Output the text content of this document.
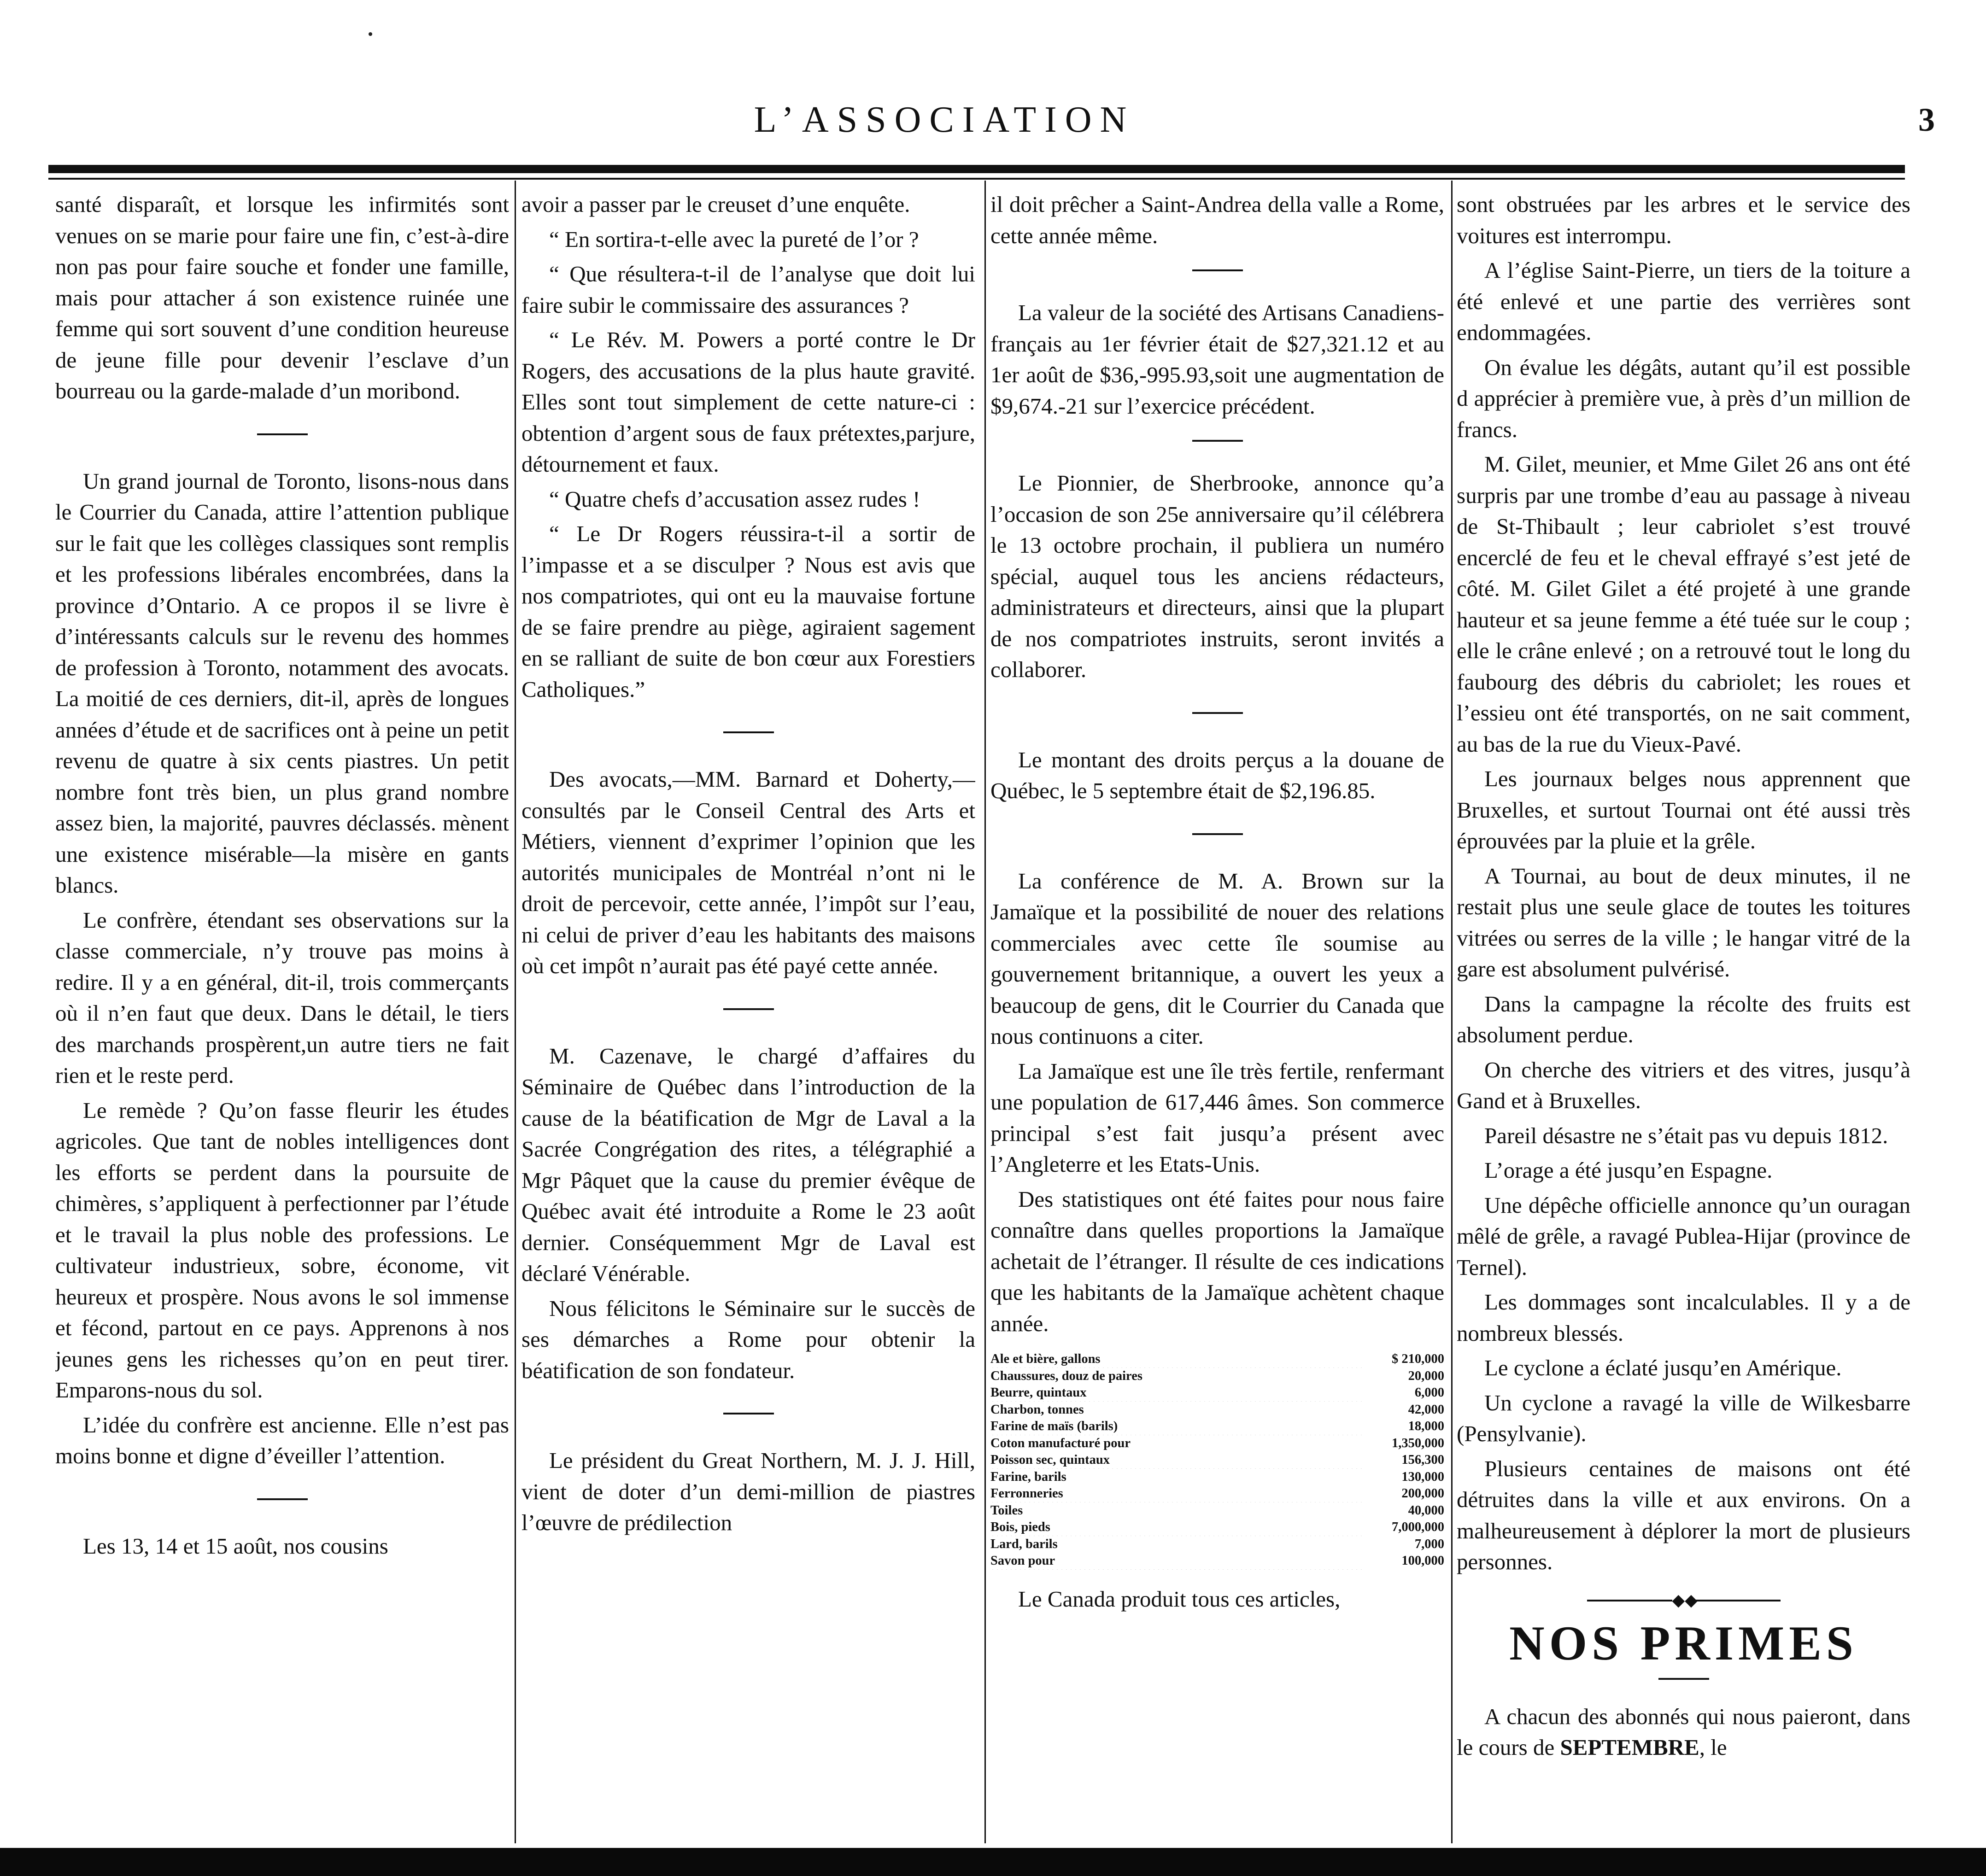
L’ASSOCIATION	3

santé disparaît, et lorsque les infirmités sont venues on se marie pour faire une fin, c’est-à-dire non pas pour faire souche et fonder une famille, mais pour attacher á son existence ruinée une femme qui sort souvent d’une condition heureuse de jeune fille pour devenir l’esclave d’un bourreau ou la garde-malade d’un moribond.

Un grand journal de Toronto, lisons-nous dans le Courrier du Canada, attire l’attention publique sur le fait que les collèges classiques sont remplis et les professions libérales encombrées, dans la province d’Ontario. A ce propos il se livre è d’intéressants calculs sur le revenu des hommes de profession à Toronto, notamment des avocats. La moitié de ces derniers, dit-il, après de longues années d’étude et de sacrifices ont à peine un petit revenu de quatre à six cents piastres. Un petit nombre font très bien, un plus grand nombre assez bien, la majorité, pauvres déclassés. mènent une existence misérable—la misère en gants blancs.

Le confrère, étendant ses observations sur la classe commerciale, n’y trouve pas moins à redire. Il y a en général, dit-il, trois commerçants où il n’en faut que deux. Dans le détail, le tiers des marchands prospèrent,un autre tiers ne fait rien et le reste perd.

Le remède ? Qu’on fasse fleurir les études agricoles. Que tant de nobles intelligences dont les efforts se perdent dans la poursuite de chimères, s’appliquent à perfectionner par l’étude et le travail la plus noble des professions. Le cultivateur industrieux, sobre, économe, vit heureux et prospère. Nous avons le sol immense et fécond, partout en ce pays. Apprenons à nos jeunes gens les richesses qu’on en peut tirer. Emparons-nous du sol.

L’idée du confrère est ancienne. Elle n’est pas moins bonne et digne d’éveiller l’attention.

Les 13, 14 et 15 août, nos cousins

avoir a passer par le creuset d’une enquête.

“ En sortira-t-elle avec la pureté de l’or ?

“ Que résultera-t-il de l’analyse que doit lui faire subir le commissaire des assurances ?

“ Le Rév. M. Powers a porté contre le Dr Rogers, des accusations de la plus haute gravité. Elles sont tout simplement de cette nature-ci : obtention d’argent sous de faux prétextes,parjure, détournement et faux.

“ Quatre chefs d’accusation assez rudes !

“ Le Dr Rogers réussira-t-il a sortir de l’impasse et a se disculper ? Nous est avis que nos compatriotes, qui ont eu la mauvaise fortune de se faire prendre au piège, agiraient sagement en se ralliant de suite de bon cœur aux Forestiers Catholiques.”

Des avocats,—MM. Barnard et Doherty,—consultés par le Conseil Central des Arts et Métiers, viennent d’exprimer l’opinion que les autorités municipales de Montréal n’ont ni le droit de percevoir, cette année, l’impôt sur l’eau, ni celui de priver d’eau les habitants des maisons où cet impôt n’aurait pas été payé cette année.

M. Cazenave, le chargé d’affaires du Séminaire de Québec dans l’introduction de la cause de la béatification de Mgr de Laval a la Sacrée Congrégation des rites, a télégraphié a Mgr Pâquet que la cause du premier évêque de Québec avait été introduite a Rome le 23 août dernier. Conséquemment Mgr de Laval est déclaré Vénérable.

Nous félicitons le Séminaire sur le succès de ses démarches a Rome pour obtenir la béatification de son fondateur.

Le président du Great Northern, M. J. J. Hill, vient de doter d’un demi-million de piastres l’œuvre de prédilection

il doit prêcher a Saint-Andrea della valle a Rome, cette année même.

La valeur de la société des Artisans Canadiens-français au 1er février était de $27,321.12 et au 1er août de $36,-995.93,soit une augmentation de $9,674.-21 sur l’exercice précédent.

Le Pionnier, de Sherbrooke, annonce qu’a l’occasion de son 25e anniversaire qu’il célébrera le 13 octobre prochain, il publiera un numéro spécial, auquel tous les anciens rédacteurs, administrateurs et directeurs, ainsi que la plupart de nos compatriotes instruits, seront invités a collaborer.

Le montant des droits perçus a la douane de Québec, le 5 septembre était de $2,196.85.

La conférence de M. A. Brown sur la Jamaïque et la possibilité de nouer des relations commerciales avec cette île soumise au gouvernement britannique, a ouvert les yeux a beaucoup de gens, dit le Courrier du Canada que nous continuons a citer.

La Jamaïque est une île très fertile, renfermant une population de 617,446 âmes. Son commerce principal s’est fait jusqu’a présent avec l’Angleterre et les Etats-Unis.

Des statistiques ont été faites pour nous faire connaître dans quelles proportions la Jamaïque achetait de l’étranger. Il résulte de ces indications que les habitants de la Jamaïque achètent chaque année.

Ale et bière, gallons	$ 210,000
Chaussures, douz de paires	20,000
Beurre, quintaux	6,000
Charbon, tonnes	42,000
Farine de maïs (barils)	18,000
Coton manufacturé pour	1,350,000
Poisson sec, quintaux	156,300
Farine, barils	130,000
Ferronneries	200,000
Toiles	40,000
Bois, pieds	7,000,000
Lard, barils	7,000
Savon pour	100,000

Le Canada produit tous ces articles,

sont obstruées par les arbres et le service des voitures est interrompu.

A l’église Saint-Pierre, un tiers de la toiture a été enlevé et une partie des verrières sont endommagées.

On évalue les dégâts, autant qu’il est possible d apprécier à première vue, à près d’un million de francs.

M. Gilet, meunier, et Mme Gilet 26 ans ont été surpris par une trombe d’eau au passage à niveau de St-Thibault ; leur cabriolet s’est trouvé encerclé de feu et le cheval effrayé s’est jeté de côté. M. Gilet Gilet a été projeté à une grande hauteur et sa jeune femme a été tuée sur le coup ; elle le crâne enlevé ; on a retrouvé tout le long du faubourg des débris du cabriolet; les roues et l’essieu ont été transportés, on ne sait comment, au bas de la rue du Vieux-Pavé.

Les journaux belges nous apprennent que Bruxelles, et surtout Tournai ont été aussi très éprouvées par la pluie et la grêle.

A Tournai, au bout de deux minutes, il ne restait plus une seule glace de toutes les toitures vitrées ou serres de la ville ; le hangar vitré de la gare est absolument pulvérisé.

Dans la campagne la récolte des fruits est absolument perdue.

On cherche des vitriers et des vitres, jusqu’à Gand et à Bruxelles.

Pareil désastre ne s’était pas vu depuis 1812.

L’orage a été jusqu’en Espagne.

Une dépêche officielle annonce qu’un ouragan mêlé de grêle, a ravagé Publea-Hijar (province de Ternel).

Les dommages sont incalculables. Il y a de nombreux blessés.

Le cyclone a éclaté jusqu’en Amérique.

Un cyclone a ravagé la ville de Wilkesbarre (Pensylvanie).

Plusieurs centaines de maisons ont été détruites dans la ville et aux environs. On a malheureusement à déplorer la mort de plusieurs personnes.

◆◆
NOS PRIMES

A chacun des abonnés qui nous paieront, dans le cours de SEPTEMBRE, le
